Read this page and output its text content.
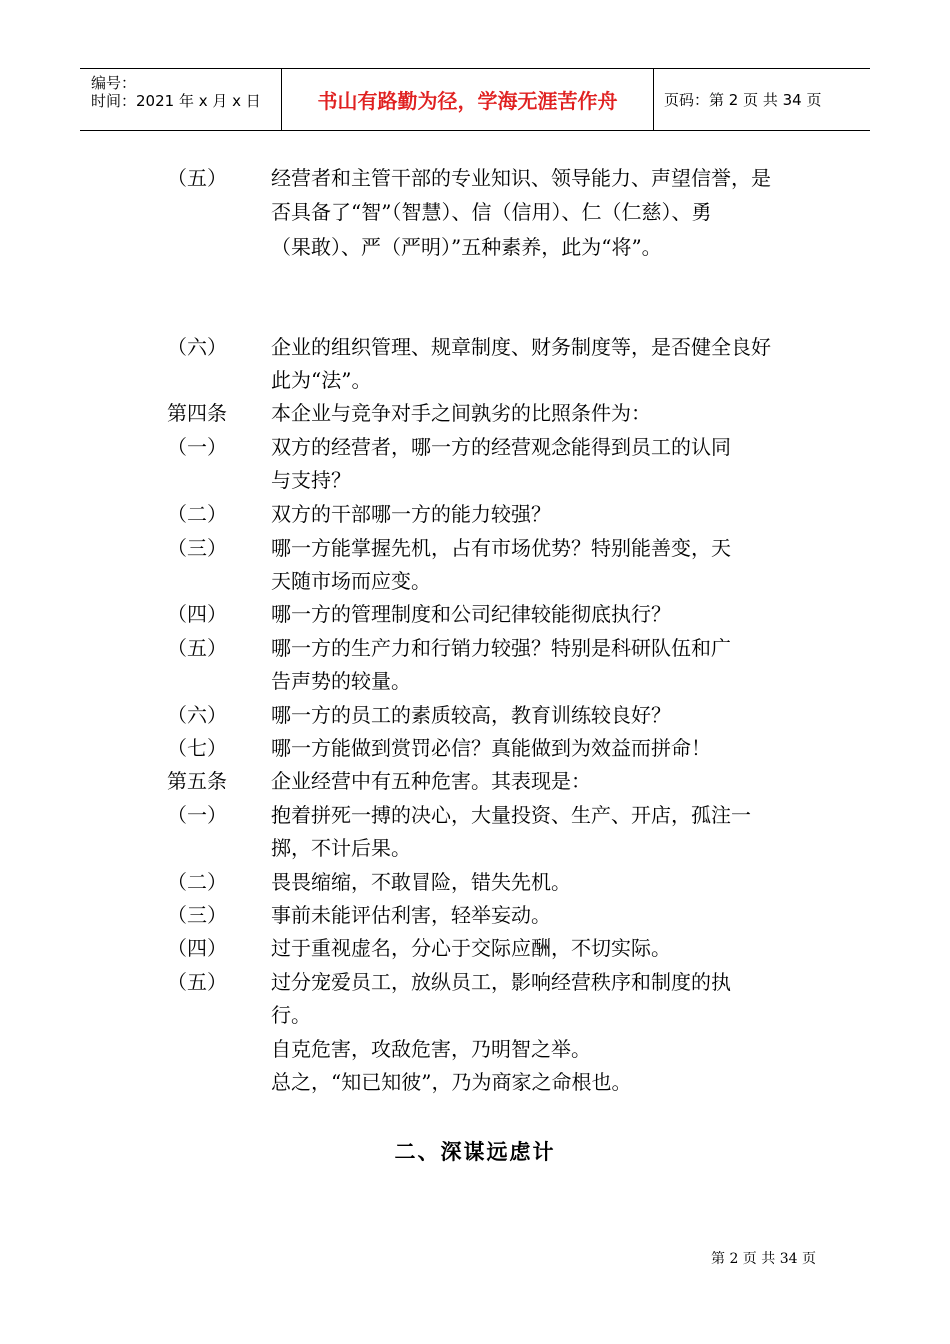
编号：
时间：2021 年 x 月 x 日	书山有路勤为径，学海无涯苦作舟	页码：第 2 页 共 34 页
（五） 经营者和主管干部的专业知识、领导能力、声望信誉，是
否具备了“智”（智慧）、信（信用）、仁（仁慈）、勇
（果敢）、严（严明）”五种素养，此为“将”。
（六） 企业的组织管理、规章制度、财务制度等，是否健全良好
此为“法”。
第四条 本企业与竞争对手之间孰劣的比照条件为：
（一） 双方的经营者，哪一方的经营观念能得到员工的认同
与支持？
（二） 双方的干部哪一方的能力较强？
（三） 哪一方能掌握先机，占有市场优势？特别能善变，天
天随市场而应变。
（四） 哪一方的管理制度和公司纪律较能彻底执行？
（五） 哪一方的生产力和行销力较强？特别是科研队伍和广
告声势的较量。
（六） 哪一方的员工的素质较高，教育训练较良好？
（七） 哪一方能做到赏罚必信？真能做到为效益而拼命！
第五条 企业经营中有五种危害。其表现是：
（一） 抱着拼死一搏的决心，大量投资、生产、开店，孤注一
掷，不计后果。
（二） 畏畏缩缩，不敢冒险，错失先机。
（三） 事前未能评估利害，轻举妄动。
（四） 过于重视虚名，分心于交际应酬，不切实际。
（五） 过分宠爱员工，放纵员工，影响经营秩序和制度的执
行。
自克危害，攻敌危害，乃明智之举。
总之，“知已知彼”，乃为商家之命根也。
二、深谋远虑计
第 2 页 共 34 页
